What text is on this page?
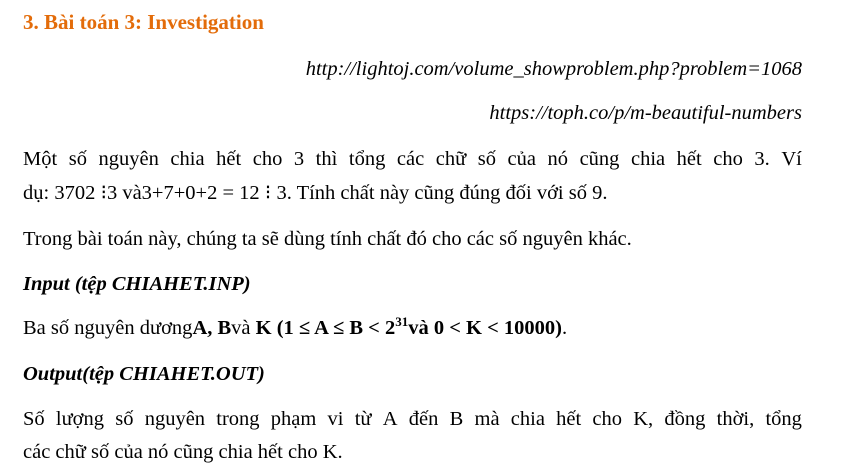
3. Bài toán 3: Investigation
http://lightoj.com/volume_showproblem.php?problem=1068
https://toph.co/p/m-beautiful-numbers
Một số nguyên chia hết cho 3 thì tổng các chữ số của nó cũng chia hết cho 3. Ví
dụ: 3702 ⁝3 và3+7+0+2 = 12 ⁝ 3. Tính chất này cũng đúng đối với số 9.
Trong bài toán này, chúng ta sẽ dùng tính chất đó cho các số nguyên khác.
Input (tệp CHIAHET.INP)
Ba số nguyên dươngA, Bvà K ($1 \le A \le B < 2^{31}và$ 0 < K < 10000).
Output(tệp CHIAHET.OUT)
Số lượng số nguyên trong phạm vi từ A đến B mà chia hết cho K, đồng thời, tổng
các chữ số của nó cũng chia hết cho K.
